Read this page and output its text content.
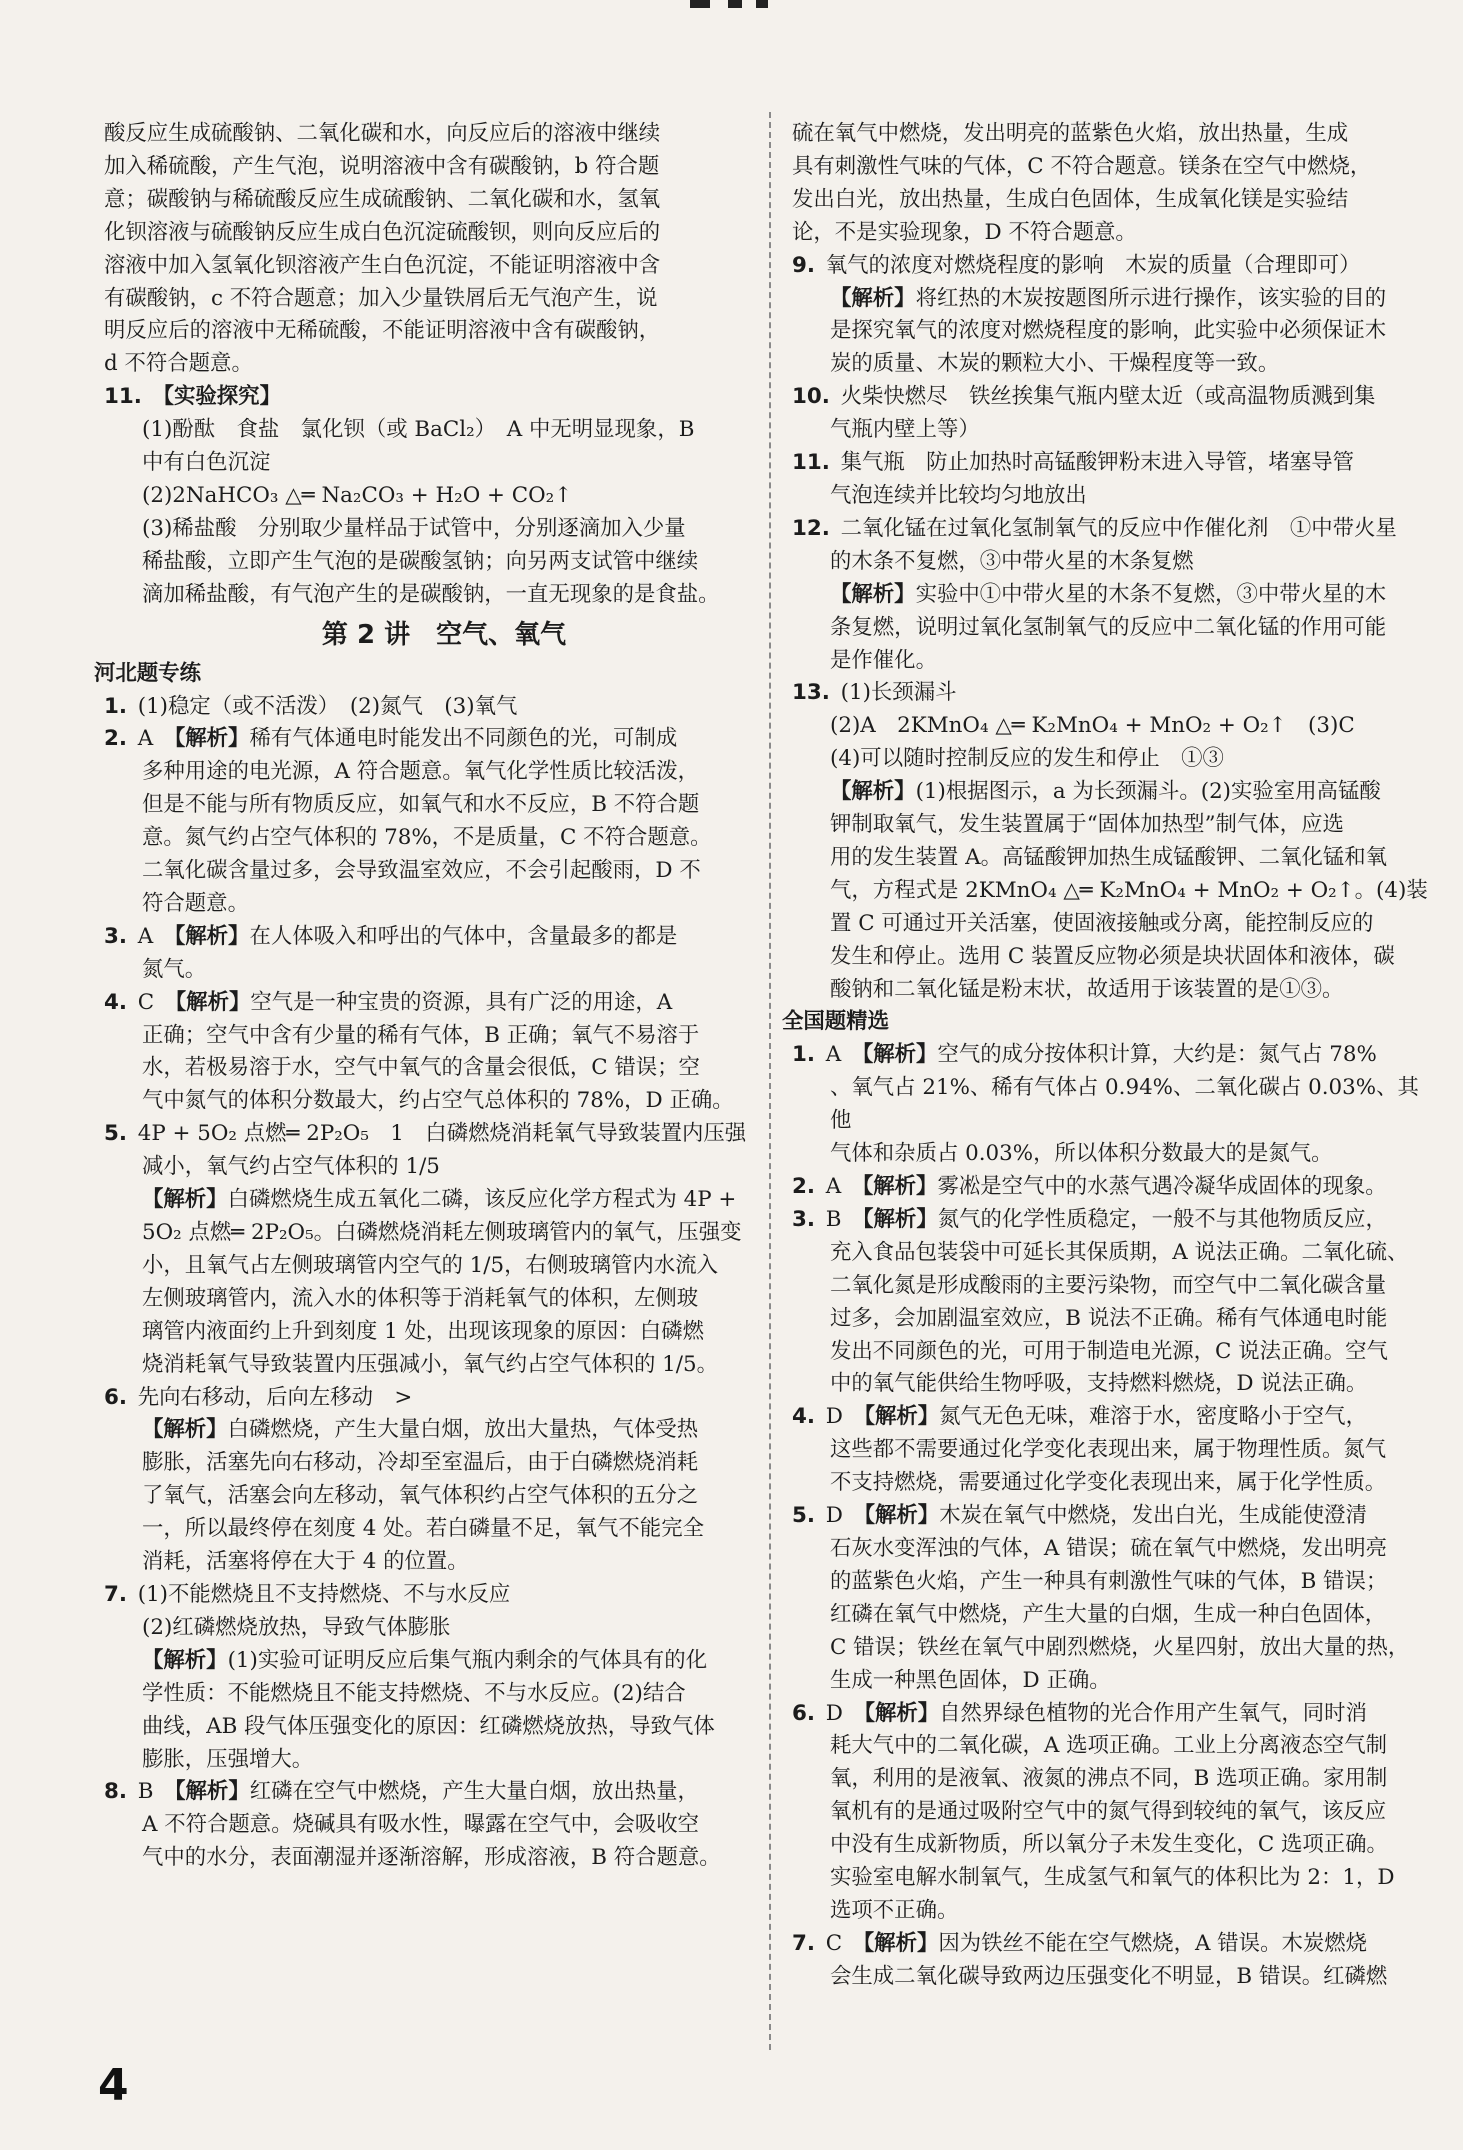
酸反应生成硫酸钠、二氧化碳和水，向反应后的溶液中继续

加入稀硫酸，产生气泡，说明溶液中含有碳酸钠，b 符合题

意；碳酸钠与稀硫酸反应生成硫酸钠、二氧化碳和水，氢氧

化钡溶液与硫酸钠反应生成白色沉淀硫酸钡，则向反应后的

溶液中加入氢氧化钡溶液产生白色沉淀，不能证明溶液中含

有碳酸钠，c 不符合题意；加入少量铁屑后无气泡产生，说

明反应后的溶液中无稀硫酸，不能证明溶液中含有碳酸钠，

d 不符合题意。

11.  【实验探究】

(1)酚酞　食盐　氯化钡（或 BaCl₂）　A 中无明显现象，B

中有白色沉淀

(2)2NaHCO₃ △═ Na₂CO₃ + H₂O + CO₂↑

(3)稀盐酸　分别取少量样品于试管中，分别逐滴加入少量

稀盐酸，立即产生气泡的是碳酸氢钠；向另两支试管中继续

滴加稀盐酸，有气泡产生的是碳酸钠，一直无现象的是食盐。

第 2 讲　空气、氧气
河北题专练

1.  (1)稳定（或不活泼）　(2)氮气　(3)氧气

2.  A　【解析】稀有气体通电时能发出不同颜色的光，可制成

多种用途的电光源，A 符合题意。氧气化学性质比较活泼，

但是不能与所有物质反应，如氧气和水不反应，B 不符合题

意。氮气约占空气体积的 78%，不是质量，C 不符合题意。

二氧化碳含量过多，会导致温室效应，不会引起酸雨，D 不

符合题意。

3.  A　【解析】在人体吸入和呼出的气体中，含量最多的都是

氮气。

4.  C　【解析】空气是一种宝贵的资源，具有广泛的用途，A

正确；空气中含有少量的稀有气体，B 正确；氧气不易溶于

水，若极易溶于水，空气中氧气的含量会很低，C 错误；空

气中氮气的体积分数最大，约占空气总体积的 78%，D 正确。

5.  4P + 5O₂ 点燃═ 2P₂O₅　1　白磷燃烧消耗氧气导致装置内压强

减小，氧气约占空气体积的 1/5

【解析】白磷燃烧生成五氧化二磷，该反应化学方程式为 4P +

5O₂ 点燃═ 2P₂O₅。白磷燃烧消耗左侧玻璃管内的氧气，压强变

小，且氧气占左侧玻璃管内空气的 1/5，右侧玻璃管内水流入

左侧玻璃管内，流入水的体积等于消耗氧气的体积，左侧玻

璃管内液面约上升到刻度 1 处，出现该现象的原因：白磷燃

烧消耗氧气导致装置内压强减小，氧气约占空气体积的 1/5。

6.  先向右移动，后向左移动　>

【解析】白磷燃烧，产生大量白烟，放出大量热，气体受热

膨胀，活塞先向右移动，冷却至室温后，由于白磷燃烧消耗

了氧气，活塞会向左移动，氧气体积约占空气体积的五分之

一，所以最终停在刻度 4 处。若白磷量不足，氧气不能完全

消耗，活塞将停在大于 4 的位置。

7.  (1)不能燃烧且不支持燃烧、不与水反应

(2)红磷燃烧放热，导致气体膨胀

【解析】(1)实验可证明反应后集气瓶内剩余的气体具有的化

学性质：不能燃烧且不能支持燃烧、不与水反应。(2)结合

曲线，AB 段气体压强变化的原因：红磷燃烧放热，导致气体

膨胀，压强增大。

8.  B　【解析】红磷在空气中燃烧，产生大量白烟，放出热量，

A 不符合题意。烧碱具有吸水性，曝露在空气中，会吸收空

气中的水分，表面潮湿并逐渐溶解，形成溶液，B 符合题意。

硫在氧气中燃烧，发出明亮的蓝紫色火焰，放出热量，生成

具有刺激性气味的气体，C 不符合题意。镁条在空气中燃烧，

发出白光，放出热量，生成白色固体，生成氧化镁是实验结

论，不是实验现象，D 不符合题意。

9.  氧气的浓度对燃烧程度的影响　木炭的质量（合理即可）

【解析】将红热的木炭按题图所示进行操作，该实验的目的

是探究氧气的浓度对燃烧程度的影响，此实验中必须保证木

炭的质量、木炭的颗粒大小、干燥程度等一致。

10.  火柴快燃尽　铁丝挨集气瓶内壁太近（或高温物质溅到集

气瓶内壁上等）

11.  集气瓶　防止加热时高锰酸钾粉末进入导管，堵塞导管

气泡连续并比较均匀地放出

12.  二氧化锰在过氧化氢制氧气的反应中作催化剂　①中带火星

的木条不复燃，③中带火星的木条复燃

【解析】实验中①中带火星的木条不复燃，③中带火星的木

条复燃，说明过氧化氢制氧气的反应中二氧化锰的作用可能

是作催化。

13.  (1)长颈漏斗

(2)A　2KMnO₄ △═ K₂MnO₄ + MnO₂ + O₂↑　(3)C

(4)可以随时控制反应的发生和停止　①③

【解析】(1)根据图示，a 为长颈漏斗。(2)实验室用高锰酸

钾制取氧气，发生装置属于“固体加热型”制气体，应选

用的发生装置 A。高锰酸钾加热生成锰酸钾、二氧化锰和氧

气，方程式是 2KMnO₄ △═ K₂MnO₄ + MnO₂ + O₂↑。(4)装

置 C 可通过开关活塞，使固液接触或分离，能控制反应的

发生和停止。选用 C 装置反应物必须是块状固体和液体，碳

酸钠和二氧化锰是粉末状，故适用于该装置的是①③。

全国题精选

1.  A　【解析】空气的成分按体积计算，大约是：氮气占 78%

、氧气占 21%、稀有气体占 0.94%、二氧化碳占 0.03%、其他

气体和杂质占 0.03%，所以体积分数最大的是氮气。

2.  A　【解析】雾凇是空气中的水蒸气遇冷凝华成固体的现象。

3.  B　【解析】氮气的化学性质稳定，一般不与其他物质反应，

充入食品包装袋中可延长其保质期，A 说法正确。二氧化硫、

二氧化氮是形成酸雨的主要污染物，而空气中二氧化碳含量

过多，会加剧温室效应，B 说法不正确。稀有气体通电时能

发出不同颜色的光，可用于制造电光源，C 说法正确。空气

中的氧气能供给生物呼吸，支持燃料燃烧，D 说法正确。

4.  D　【解析】氮气无色无味，难溶于水，密度略小于空气，

这些都不需要通过化学变化表现出来，属于物理性质。氮气

不支持燃烧，需要通过化学变化表现出来，属于化学性质。

5.  D　【解析】木炭在氧气中燃烧，发出白光，生成能使澄清

石灰水变浑浊的气体，A 错误；硫在氧气中燃烧，发出明亮

的蓝紫色火焰，产生一种具有刺激性气味的气体，B 错误；

红磷在氧气中燃烧，产生大量的白烟，生成一种白色固体，

C 错误；铁丝在氧气中剧烈燃烧，火星四射，放出大量的热，

生成一种黑色固体，D 正确。

6.  D　【解析】自然界绿色植物的光合作用产生氧气，同时消

耗大气中的二氧化碳，A 选项正确。工业上分离液态空气制

氧，利用的是液氧、液氮的沸点不同，B 选项正确。家用制

氧机有的是通过吸附空气中的氮气得到较纯的氧气，该反应

中没有生成新物质，所以氧分子未发生变化，C 选项正确。

实验室电解水制氧气，生成氢气和氧气的体积比为 2：1，D

选项不正确。

7.  C　【解析】因为铁丝不能在空气燃烧，A 错误。木炭燃烧

会生成二氧化碳导致两边压强变化不明显，B 错误。红磷燃

4
